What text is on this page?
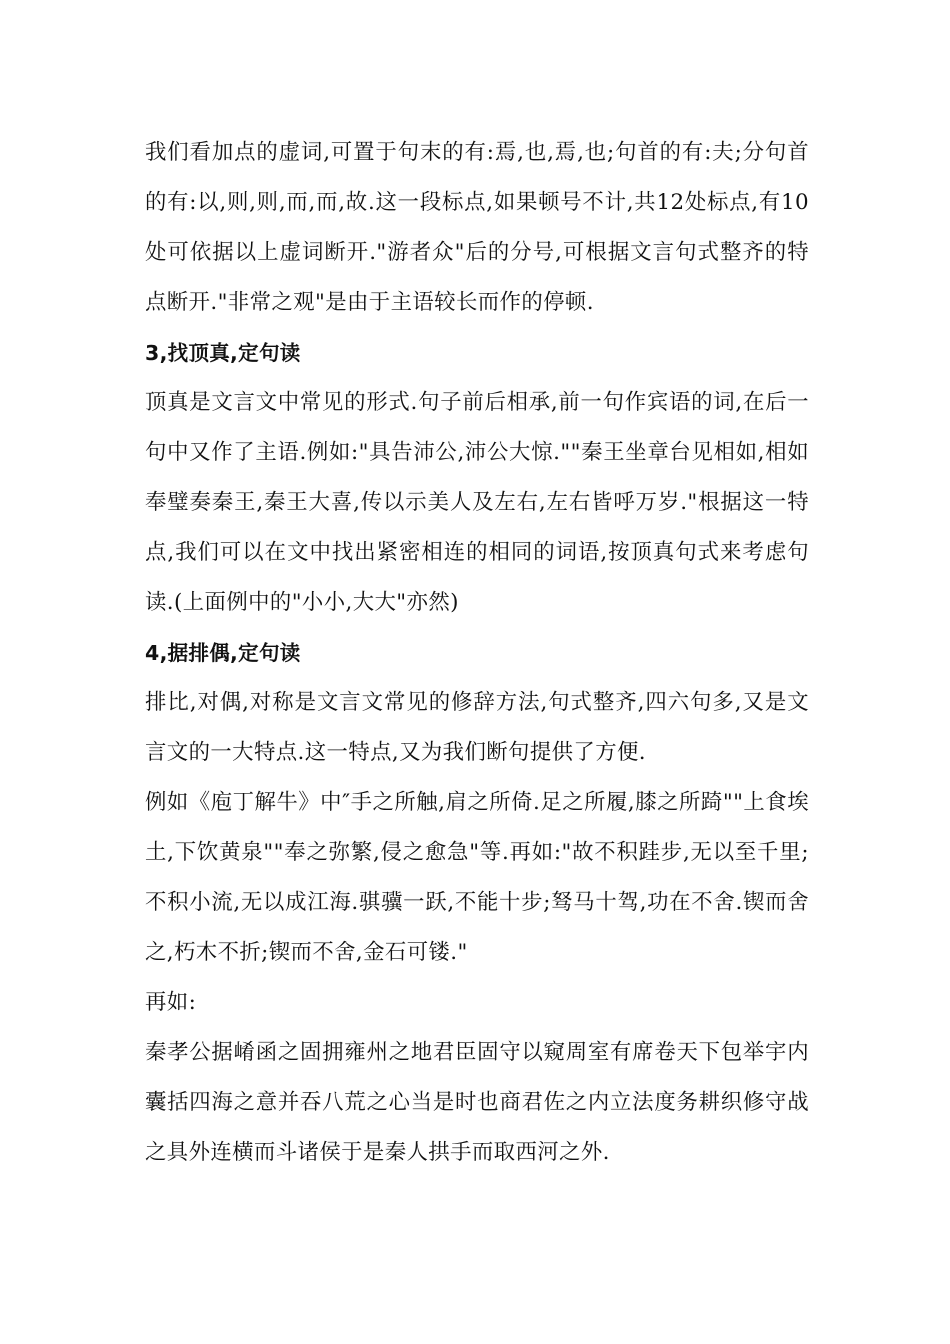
我们看加点的虚词,可置于句末的有:焉,也,焉,也;句首的有:夫;分句首的有:以,则,则,而,而,故.这一段标点,如果顿号不计,共12处标点,有10处可依据以上虚词断开."游者众"后的分号,可根据文言句式整齐的特点断开."非常之观"是由于主语较长而作的停顿.

3,找顶真,定句读

顶真是文言文中常见的形式.句子前后相承,前一句作宾语的词,在后一句中又作了主语.例如:"具告沛公,沛公大惊.""秦王坐章台见相如,相如奉璧奏秦王,秦王大喜,传以示美人及左右,左右皆呼万岁."根据这一特点,我们可以在文中找出紧密相连的相同的词语,按顶真句式来考虑句读.(上面例中的"小小,大大"亦然)

4,据排偶,定句读

排比,对偶,对称是文言文常见的修辞方法,句式整齐,四六句多,又是文言文的一大特点.这一特点,又为我们断句提供了方便.

例如《庖丁解牛》中″手之所触,肩之所倚.足之所履,膝之所踦""上食埃土,下饮黄泉""奉之弥繁,侵之愈急"等.再如:"故不积跬步,无以至千里;不积小流,无以成江海.骐骥一跃,不能十步;驽马十驾,功在不舍.锲而舍之,朽木不折;锲而不舍,金石可镂."

再如:

秦孝公据崤函之固拥雍州之地君臣固守以窥周室有席卷天下包举宇内囊括四海之意并吞八荒之心当是时也商君佐之内立法度务耕织修守战之具外连横而斗诸侯于是秦人拱手而取西河之外.
